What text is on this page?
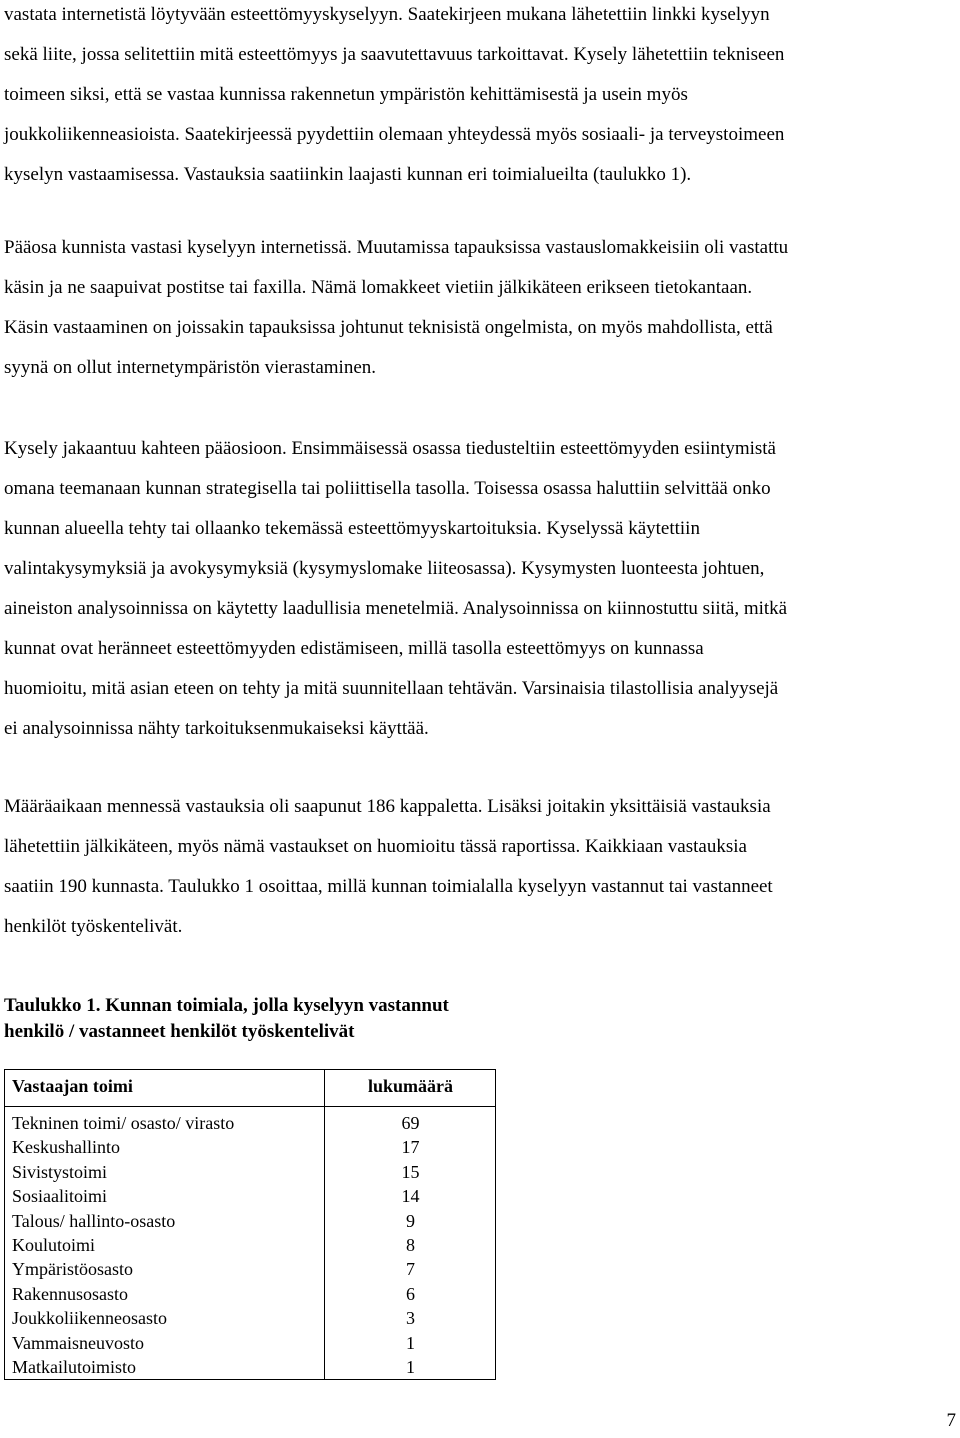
vastata internetistä löytyvään esteettömyyskyselyyn. Saatekirjeen mukana lähetettiin linkki kyselyyn
sekä liite, jossa selitettiin mitä esteettömyys ja saavutettavuus tarkoittavat. Kysely lähetettiin tekniseen
toimeen siksi, että se vastaa kunnissa rakennetun ympäristön kehittämisestä ja usein myös
joukkoliikenneasioista. Saatekirjeessä pyydettiin olemaan yhteydessä myös sosiaali- ja terveystoimeen
kyselyn vastaamisessa. Vastauksia saatiinkin laajasti kunnan eri toimialueilta (taulukko 1).

Pääosa kunnista vastasi kyselyyn internetissä. Muutamissa tapauksissa vastauslomakkeisiin oli vastattu
käsin ja ne saapuivat postitse tai faxilla. Nämä lomakkeet vietiin jälkikäteen erikseen tietokantaan.
Käsin vastaaminen on joissakin tapauksissa johtunut teknisistä ongelmista, on myös mahdollista, että
syynä on ollut internetympäristön vierastaminen.

Kysely jakaantuu kahteen pääosioon. Ensimmäisessä osassa tiedusteltiin esteettömyyden esiintymistä
omana teemanaan kunnan strategisella tai poliittisella tasolla. Toisessa osassa haluttiin selvittää onko
kunnan alueella tehty tai ollaanko tekemässä esteettömyyskartoituksia. Kyselyssä käytettiin
valintakysymyksiä ja avokysymyksiä (kysymyslomake liiteosassa). Kysymysten luonteesta johtuen,
aineiston analysoinnissa on käytetty laadullisia menetelmiä. Analysoinnissa on kiinnostuttu siitä, mitkä
kunnat ovat heränneet esteettömyyden edistämiseen, millä tasolla esteettömyys on kunnassa
huomioitu, mitä asian eteen on tehty ja mitä suunnitellaan tehtävän. Varsinaisia tilastollisia analyysejä
ei analysoinnissa nähty tarkoituksenmukaiseksi käyttää.

Määräaikaan mennessä vastauksia oli saapunut 186 kappaletta. Lisäksi joitakin yksittäisiä vastauksia
lähetettiin jälkikäteen, myös nämä vastaukset on huomioitu tässä raportissa. Kaikkiaan vastauksia
saatiin 190 kunnasta. Taulukko 1 osoittaa, millä kunnan toimialalla kyselyyn vastannut tai vastanneet
henkilöt työskentelivät.

Taulukko 1. Kunnan toimiala, jolla kyselyyn vastannut
henkilö / vastanneet henkilöt työskentelivät

Vastaajan toimi	lukumäärä
Tekninen toimi/ osasto/ virasto	69
Keskushallinto	17
Sivistystoimi	15
Sosiaalitoimi	14
Talous/ hallinto-osasto	9
Koulutoimi	8
Ympäristöosasto	7
Rakennusosasto	6
Joukkoliikenneosasto	3
Vammaisneuvosto	1
Matkailutoimisto	1
7
